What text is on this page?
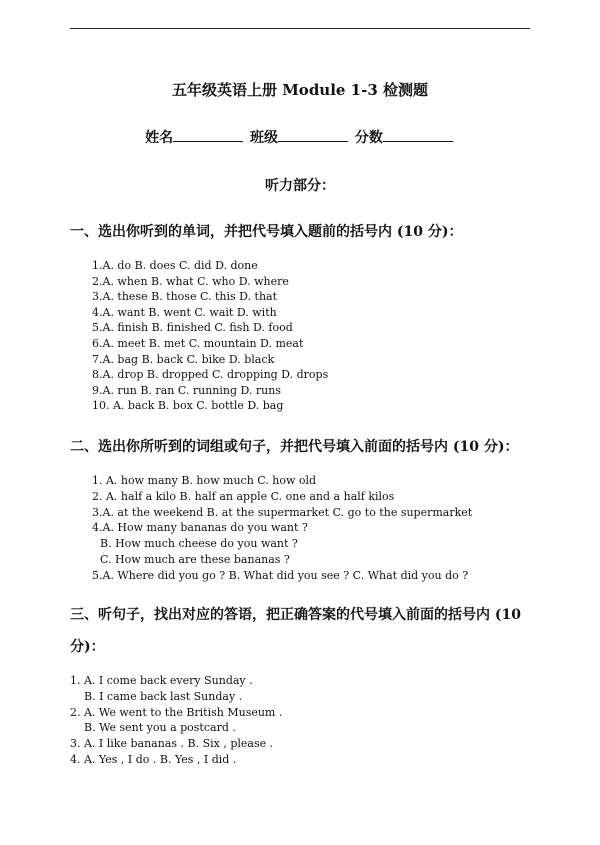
五年级英语上册 Module 1-3 检测题
姓名	班级	分数
听力部分：
一、选出你听到的单词，并把代号填入题前的括号内 (10 分)：
1.A. do B. does C. did D. done
2.A. when B. what C. who D. where
3.A. these B. those C. this D. that
4.A. want B. went C. wait D. with
5.A. finish B. finished C. fish D. food
6.A. meet B. met C. mountain D. meat
7.A. bag B. back C. bike D. black
8.A. drop B. dropped C. dropping D. drops
9.A. run B. ran C. running D. runs
10. A. back B. box C. bottle D. bag
二、选出你所听到的词组或句子，并把代号填入前面的括号内 (10 分)：
1. A. how many B. how much C. how old
2. A. half a kilo B. half an apple C. one and a half kilos
3.A. at the weekend B. at the supermarket C. go to the supermarket
4.A. How many bananas do you want ?
B. How much cheese do you want ?
C. How much are these bananas ?
5.A. Where did you go ? B. What did you see ? C. What did you do ?
三、听句子，找出对应的答语，把正确答案的代号填入前面的括号内 (10
分)：
1. A. I come back every Sunday .
B. I came back last Sunday .
2. A. We went to the British Museum .
B. We sent you a postcard .
3. A. I like bananas . B. Six , please .
4. A. Yes , I do . B. Yes , I did .
